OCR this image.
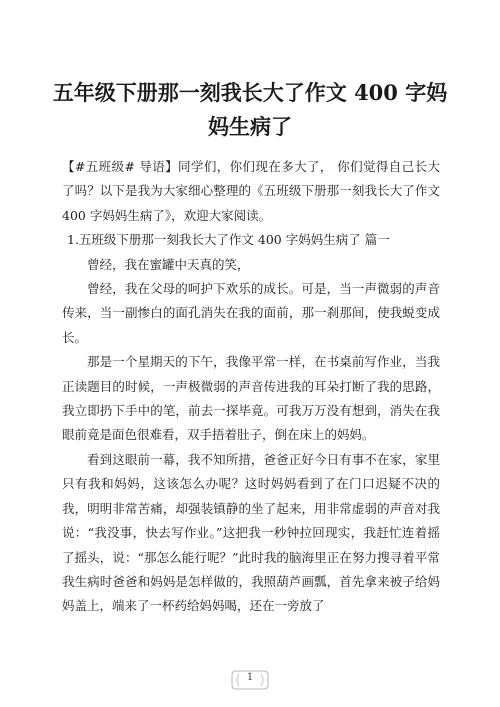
五年级下册那一刻我长大了作文 400 字妈
妈生病了

【#五班级# 导语】同学们，你们现在多大了， 你们觉得自己长大了吗？以下是我为大家细心整理的《五班级下册那一刻我长大了作文 400 字妈妈生病了》，欢迎大家阅读。

1.五班级下册那一刻我长大了作文 400 字妈妈生病了 篇一

曾经，我在蜜罐中天真的笑，

曾经，我在父母的呵护下欢乐的成长。可是，当一声微弱的声音传来，当一副惨白的面孔消失在我的面前，那一刹那间，使我蜕变成长。

那是一个星期天的下午，我像平常一样，在书桌前写作业，当我正读题目的时候，一声极微弱的声音传进我的耳朵打断了我的思路，我立即扔下手中的笔，前去一探毕竟。可我万万没有想到，消失在我眼前竟是面色很难看，双手捂着肚子，倒在床上的妈妈。

看到这眼前一幕，我不知所措，爸爸正好今日有事不在家，家里只有我和妈妈，这该怎么办呢？这时妈妈看到了在门口迟疑不决的我，明明非常苦痛，却强装镇静的坐了起来，用非常虚弱的声音对我说：“我没事，快去写作业。”这把我一秒钟拉回现实，我赶忙连着摇了摇头，说：“那怎么能行呢？”此时我的脑海里正在努力搜寻着平常我生病时爸爸和妈妈是怎样做的，我照葫芦画瓢，首先拿来被子给妈妈盖上，端来了一杯药给妈妈喝，还在一旁放了

1
